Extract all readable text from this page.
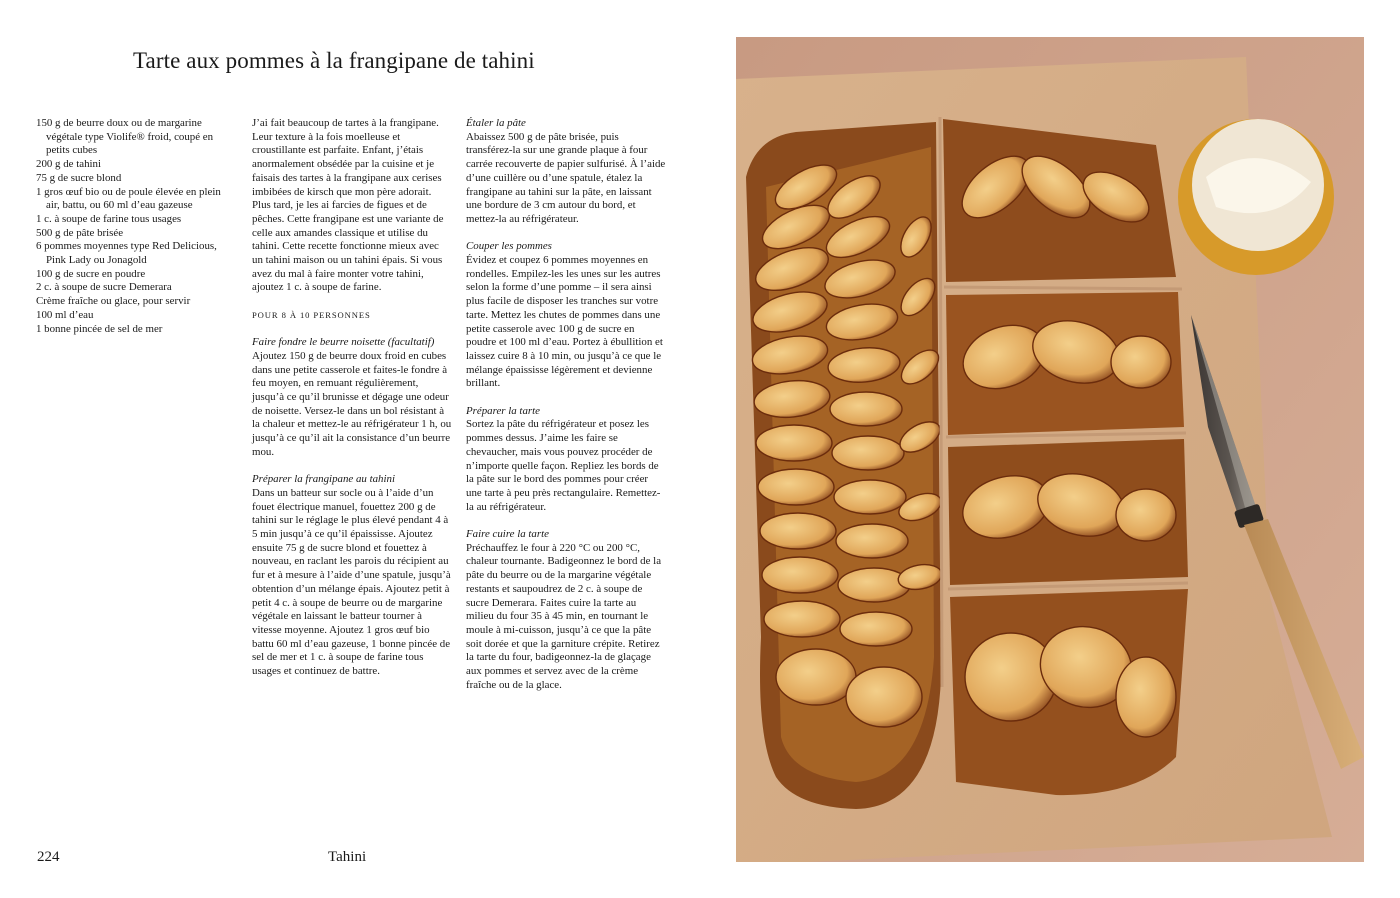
Tarte aux pommes à la frangipane de tahini
150 g de beurre doux ou de margarine végétale type Violife® froid, coupé en petits cubes
200 g de tahini
75 g de sucre blond
1 gros œuf bio ou de poule élevée en plein air, battu, ou 60 ml d’eau gazeuse
1 c. à soupe de farine tous usages
500 g de pâte brisée
6 pommes moyennes type Red Delicious, Pink Lady ou Jonagold
100 g de sucre en poudre
2 c. à soupe de sucre Demerara
Crème fraîche ou glace, pour servir
100 ml d’eau
1 bonne pincée de sel de mer

J’ai fait beaucoup de tartes à la frangipane. Leur texture à la fois moelleuse et croustillante est parfaite. Enfant, j’étais anormalement obsédée par la cuisine et je faisais des tartes à la frangipane aux cerises imbibées de kirsch que mon père adorait. Plus tard, je les ai farcies de figues et de pêches. Cette frangipane est une variante de celle aux amandes classique et utilise du tahini. Cette recette fonctionne mieux avec un tahini maison ou un tahini épais. Si vous avez du mal à faire monter votre tahini, ajoutez 1 c. à soupe de farine.

POUR 8 À 10 PERSONNES

Faire fondre le beurre noisette (facultatif)

Ajoutez 150 g de beurre doux froid en cubes dans une petite casserole et faites-le fondre à feu moyen, en remuant régulièrement, jusqu’à ce qu’il brunisse et dégage une odeur de noisette. Versez-le dans un bol résistant à la chaleur et mettez-le au réfrigérateur 1 h, ou jusqu’à ce qu’il ait la consistance d’un beurre mou.

Préparer la frangipane au tahini

Dans un batteur sur socle ou à l’aide d’un fouet électrique manuel, fouettez 200 g de tahini sur le réglage le plus élevé pendant 4 à 5 min jusqu’à ce qu’il épaississe. Ajoutez ensuite 75 g de sucre blond et fouettez à nouveau, en raclant les parois du récipient au fur et à mesure à l’aide d’une spatule, jusqu’à obtention d’un mélange épais. Ajoutez petit à petit 4 c. à soupe de beurre ou de margarine végétale en laissant le batteur tourner à vitesse moyenne. Ajoutez 1 gros œuf bio battu 60 ml d’eau gazeuse, 1 bonne pincée de sel de mer et 1 c. à soupe de farine tous usages et continuez de battre.

Étaler la pâte

Abaissez 500 g de pâte brisée, puis transférez-la sur une grande plaque à four carrée recouverte de papier sulfurisé. À l’aide d’une cuillère ou d’une spatule, étalez la frangipane au tahini sur la pâte, en laissant une bordure de 3 cm autour du bord, et mettez-la au réfrigérateur.

Couper les pommes

Évidez et coupez 6 pommes moyennes en rondelles. Empilez-les les unes sur les autres selon la forme d’une pomme – il sera ainsi plus facile de disposer les tranches sur votre tarte. Mettez les chutes de pommes dans une petite casserole avec 100 g de sucre en poudre et 100 ml d’eau. Portez à ébullition et laissez cuire 8 à 10 min, ou jusqu’à ce que le mélange épaississe légèrement et devienne brillant.

Préparer la tarte

Sortez la pâte du réfrigérateur et posez les pommes dessus. J’aime les faire se chevaucher, mais vous pouvez procéder de n’importe quelle façon. Repliez les bords de la pâte sur le bord des pommes pour créer une tarte à peu près rectangulaire. Remettez-la au réfrigérateur.

Faire cuire la tarte

Préchauffez le four à 220 °C ou 200 °C, chaleur tournante. Badigeonnez le bord de la pâte du beurre ou de la margarine végétale restants et saupoudrez de 2 c. à soupe de sucre Demerara. Faites cuire la tarte au milieu du four 35 à 45 min, en tournant le moule à mi-cuisson, jusqu’à ce que la pâte soit dorée et que la garniture crépite. Retirez la tarte du four, badigeonnez-la de glaçage aux pommes et servez avec de la crème fraîche ou de la glace.

224	Tahini
